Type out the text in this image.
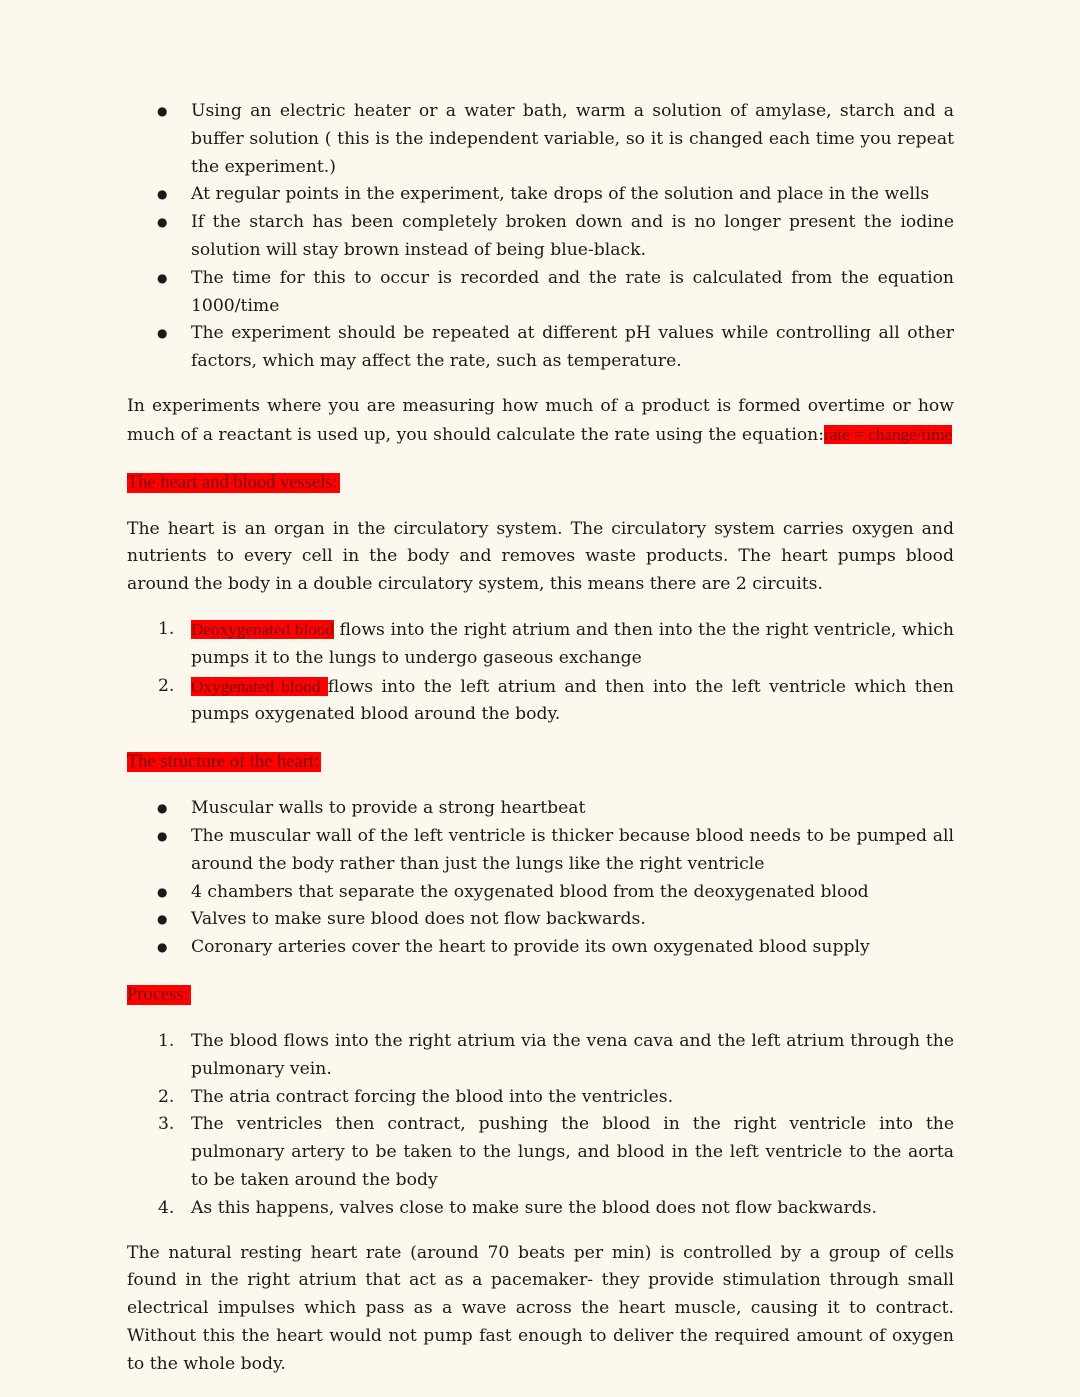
● Using an electric heater or a water bath, warm a solution of amylase, starch and a buffer solution ( this is the independent variable, so it is changed each time you repeat the experiment.)
● At regular points in the experiment, take drops of the solution and place in the wells
● If the starch has been completely broken down and is no longer present the iodine solution will stay brown instead of being blue-black.
● The time for this to occur is recorded and the rate is calculated from the equation 1000/time
● The experiment should be repeated at different pH values while controlling all other factors, which may affect the rate, such as temperature.

In experiments where you are measuring how much of a product is formed overtime or how much of a reactant is used up, you should calculate the rate using the equation:rate = change/time

The heart and blood vessels:

The heart is an organ in the circulatory system. The circulatory system carries oxygen and nutrients to every cell in the body and removes waste products. The heart pumps blood around the body in a double circulatory system, this means there are 2 circuits.

1. Deoxygenated blood flows into the right atrium and then into the the right ventricle, which pumps it to the lungs to undergo gaseous exchange
2. Oxygenated blood flows into the left atrium and then into the left ventricle which then pumps oxygenated blood around the body.

The structure of the heart:

● Muscular walls to provide a strong heartbeat
● The muscular wall of the left ventricle is thicker because blood needs to be pumped all around the body rather than just the lungs like the right ventricle
● 4 chambers that separate the oxygenated blood from the deoxygenated blood
● Valves to make sure blood does not flow backwards.
● Coronary arteries cover the heart to provide its own oxygenated blood supply

Process:

1. The blood flows into the right atrium via the vena cava and the left atrium through the pulmonary vein.
2. The atria contract forcing the blood into the ventricles.
3. The ventricles then contract, pushing the blood in the right ventricle into the pulmonary artery to be taken to the lungs, and blood in the left ventricle to the aorta to be taken around the body
4. As this happens, valves close to make sure the blood does not flow backwards.

The natural resting heart rate (around 70 beats per min) is controlled by a group of cells found in the right atrium that act as a pacemaker- they provide stimulation through small electrical impulses which pass as a wave across the heart muscle, causing it to contract. Without this the heart would not pump fast enough to deliver the required amount of oxygen to the whole body.
